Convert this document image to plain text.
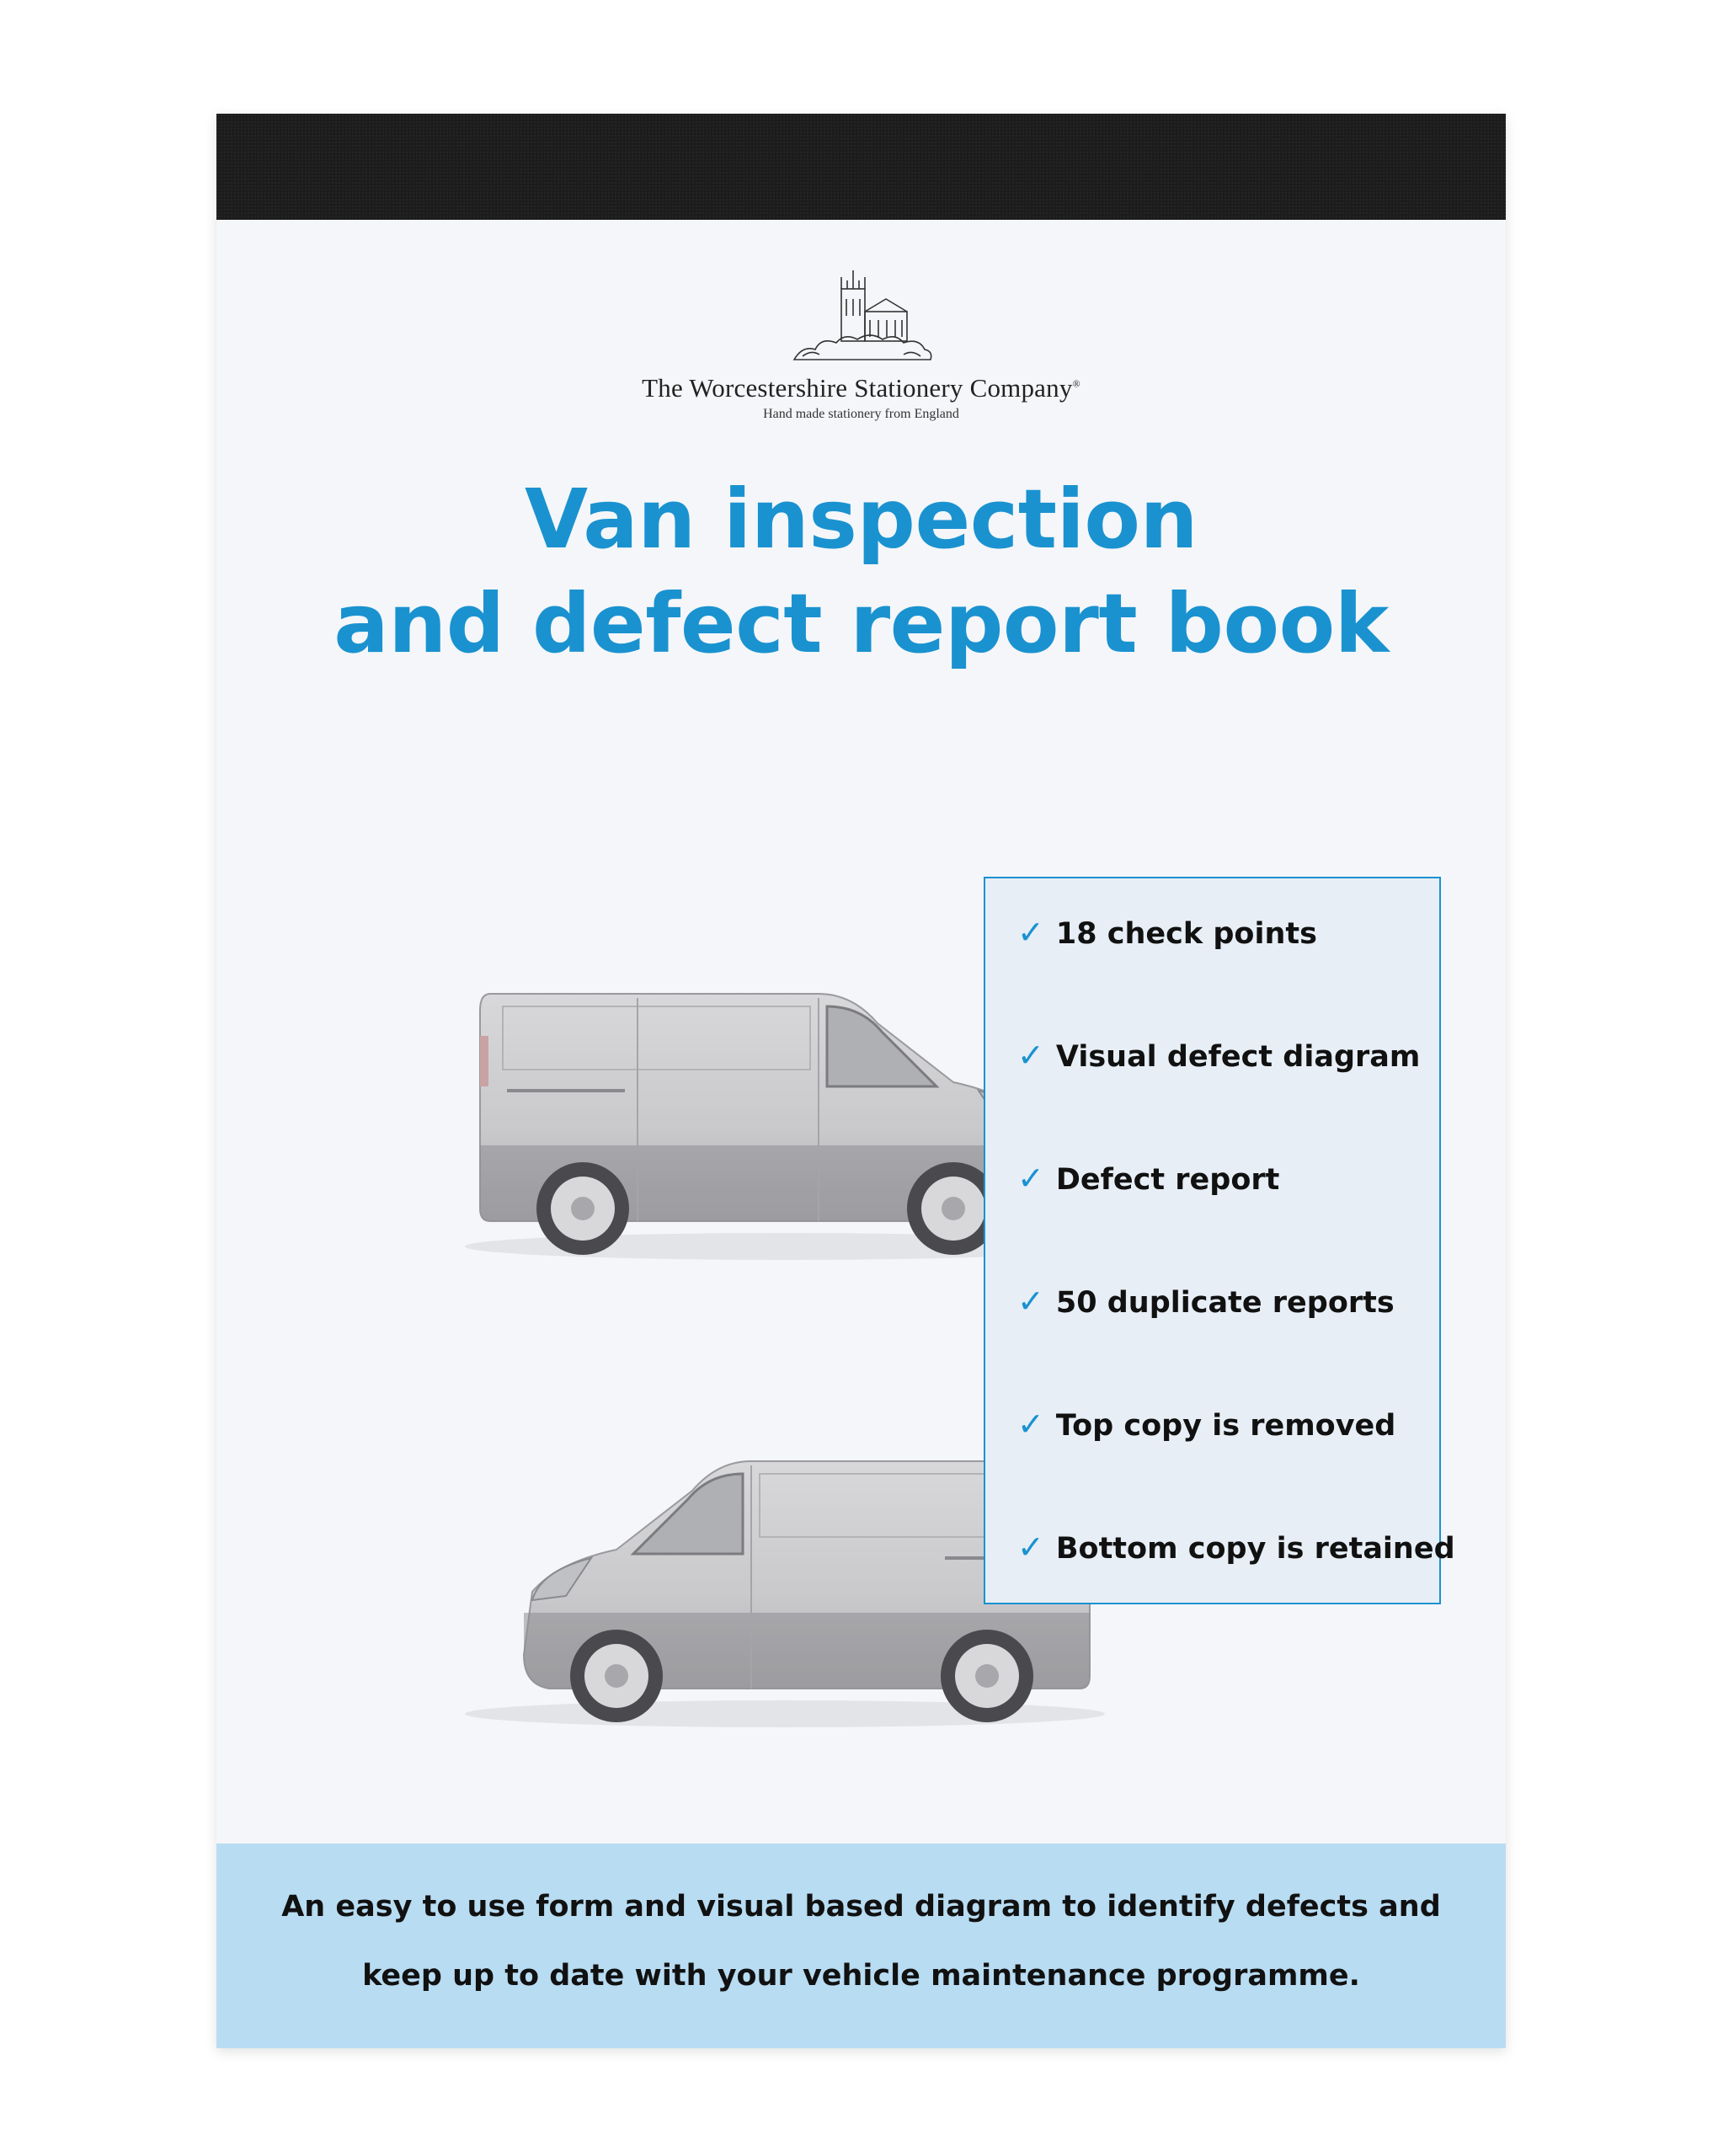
The Worcestershire Stationery Company®
Hand made stationery from England
Van inspection
and defect report book
✓ 18 check points
✓ Visual defect diagram
✓ Defect report
✓ 50 duplicate reports
✓ Top copy is removed
✓ Bottom copy is retained
An easy to use form and visual based diagram to identify defects and
keep up to date with your vehicle maintenance programme.
